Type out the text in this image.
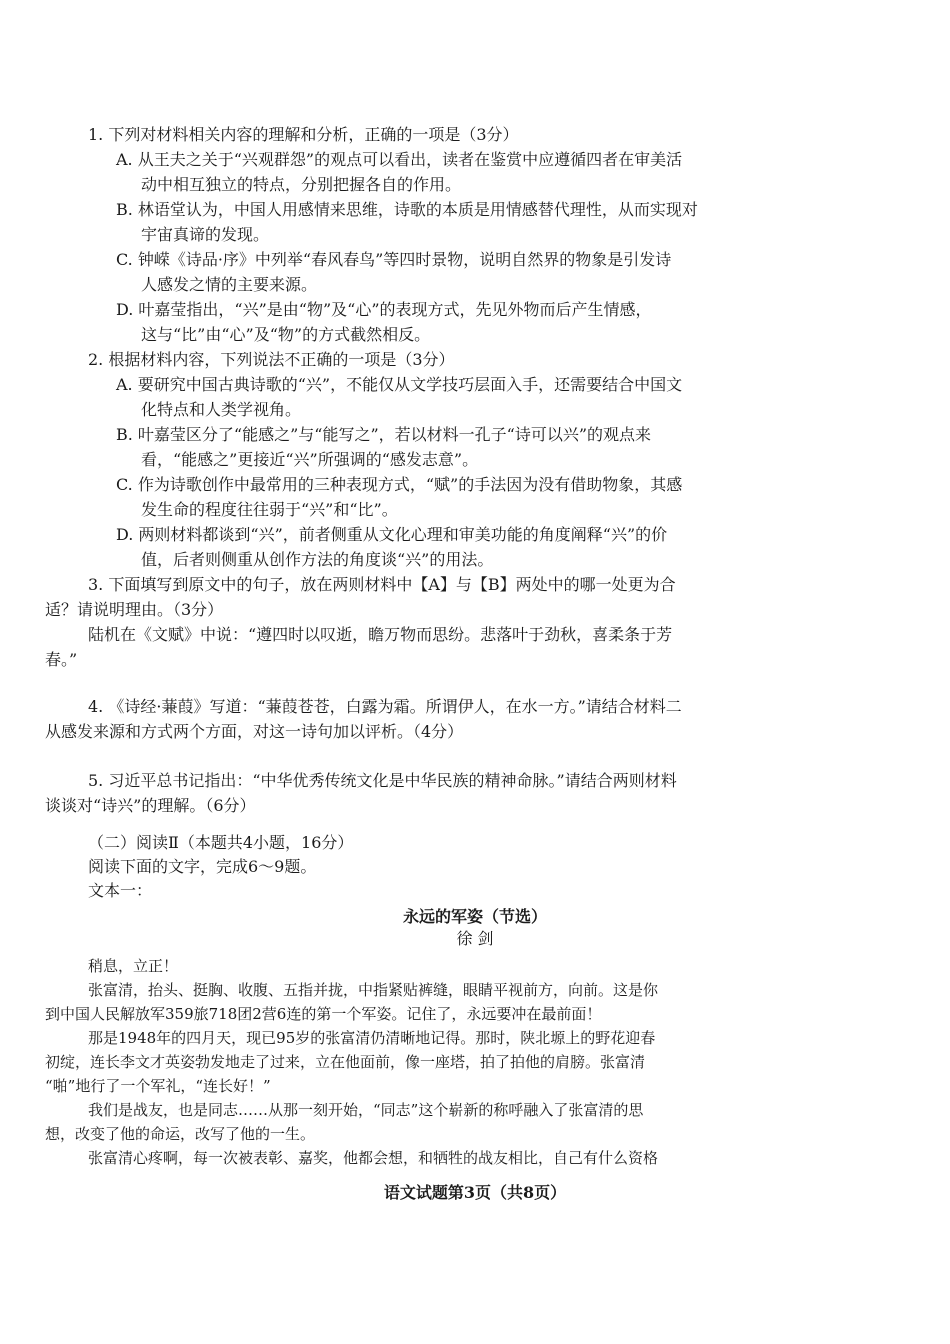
1. 下列对材料相关内容的理解和分析，正确的一项是（3分）
A. 从王夫之关于“兴观群怨”的观点可以看出，读者在鉴赏中应遵循四者在审美活
动中相互独立的特点，分别把握各自的作用。
B. 林语堂认为，中国人用感情来思维，诗歌的本质是用情感替代理性，从而实现对
宇宙真谛的发现。
C. 钟嵘《诗品·序》中列举“春风春鸟”等四时景物，说明自然界的物象是引发诗
人感发之情的主要来源。
D. 叶嘉莹指出，“兴”是由“物”及“心”的表现方式，先见外物而后产生情感，
这与“比”由“心”及“物”的方式截然相反。
2. 根据材料内容，下列说法不正确的一项是（3分）
A. 要研究中国古典诗歌的“兴”，不能仅从文学技巧层面入手，还需要结合中国文
化特点和人类学视角。
B. 叶嘉莹区分了“能感之”与“能写之”，若以材料一孔子“诗可以兴”的观点来
看，“能感之”更接近“兴”所强调的“感发志意”。
C. 作为诗歌创作中最常用的三种表现方式，“赋”的手法因为没有借助物象，其感
发生命的程度往往弱于“兴”和“比”。
D. 两则材料都谈到“兴”，前者侧重从文化心理和审美功能的角度阐释“兴”的价
值，后者则侧重从创作方法的角度谈“兴”的用法。
3. 下面填写到原文中的句子，放在两则材料中【A】与【B】两处中的哪一处更为合
适？请说明理由。（3分）
陆机在《文赋》中说：“遵四时以叹逝，瞻万物而思纷。悲落叶于劲秋，喜柔条于芳
春。”
4. 《诗经·蒹葭》写道：“蒹葭苍苍，白露为霜。所谓伊人，在水一方。”请结合材料二
从感发来源和方式两个方面，对这一诗句加以评析。（4分）
5. 习近平总书记指出：“中华优秀传统文化是中华民族的精神命脉。”请结合两则材料
谈谈对“诗兴”的理解。（6分）
（二）阅读Ⅱ（本题共4小题，16分）
阅读下面的文字，完成6～9题。
文本一：
永远的军姿（节选）
徐 剑
稍息，立正！
张富清，抬头、挺胸、收腹、五指并拢，中指紧贴裤缝，眼睛平视前方，向前。这是你
到中国人民解放军359旅718团2营6连的第一个军姿。记住了，永远要冲在最前面！
那是1948年的四月天，现已95岁的张富清仍清晰地记得。那时，陕北塬上的野花迎春
初绽，连长李文才英姿勃发地走了过来，立在他面前，像一座塔，拍了拍他的肩膀。张富清
“啪”地行了一个军礼，“连长好！”
我们是战友，也是同志……从那一刻开始，“同志”这个崭新的称呼融入了张富清的思
想，改变了他的命运，改写了他的一生。
张富清心疼啊，每一次被表彰、嘉奖，他都会想，和牺牲的战友相比，自己有什么资格
语文试题第3页（共8页）
